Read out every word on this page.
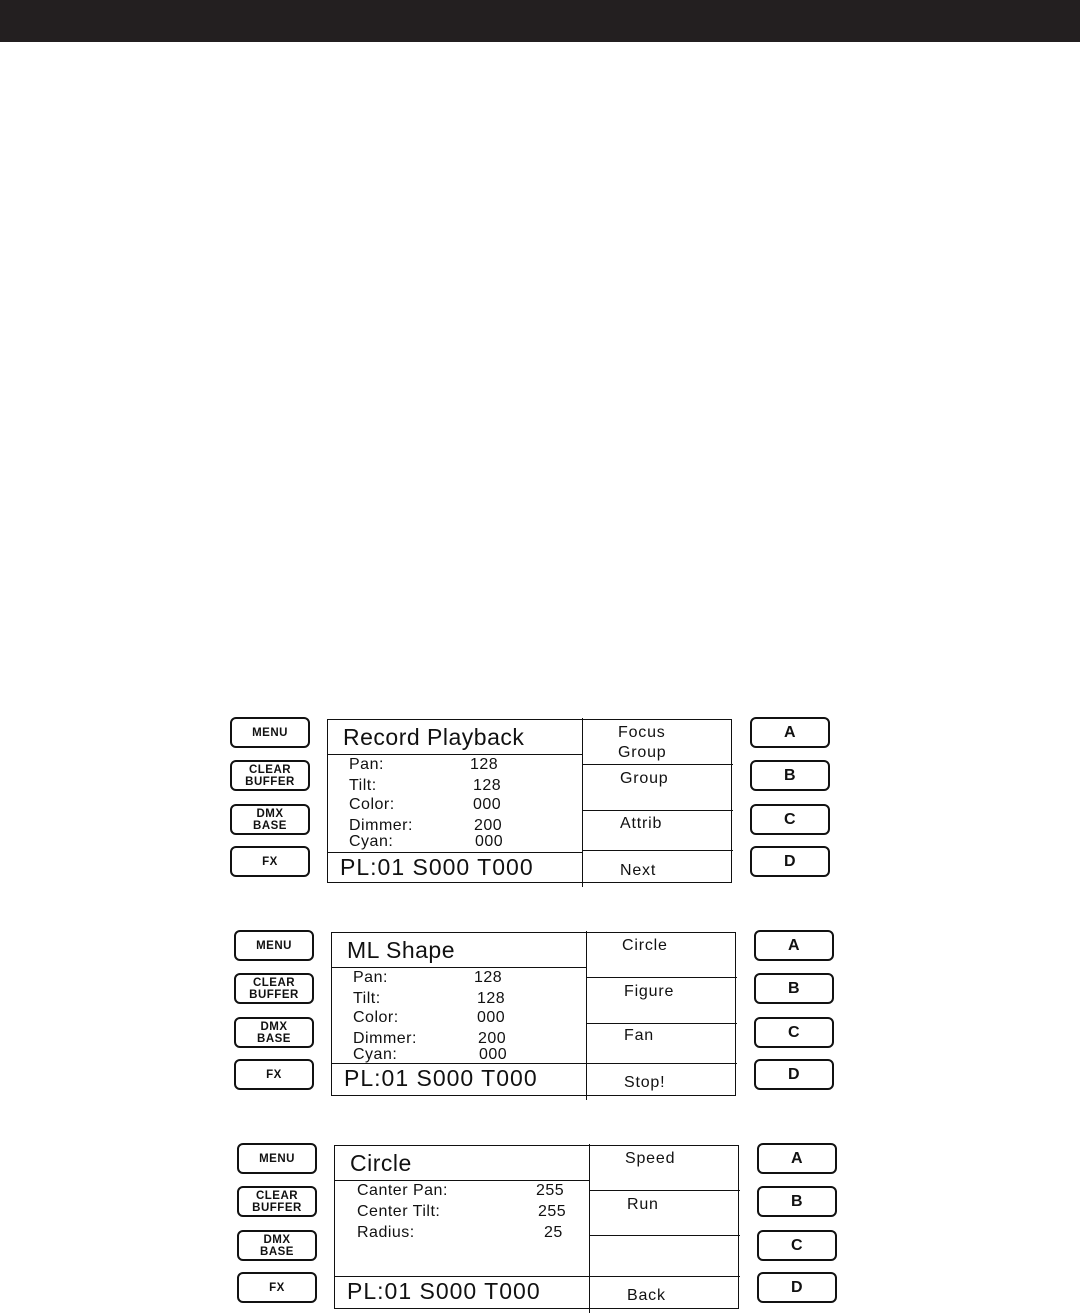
MENU
CLEAR
BUFFER
DMX
BASE
FX
Record Playback
Pan:	128
Tilt:	128
Color:	000
Dimmer:	200
Cyan:	000
PL:01 S000 T000
Focus
Group
Group
Attrib
Next
A
B
C
D
MENU
CLEAR
BUFFER
DMX
BASE
FX
ML Shape
Pan:	128
Tilt:	128
Color:	000
Dimmer:	200
Cyan:	000
PL:01 S000 T000
Circle
Figure
Fan
Stop!
A
B
C
D
MENU
CLEAR
BUFFER
DMX
BASE
FX
Circle
Canter Pan:	255
Center Tilt:	255
Radius:	25
PL:01 S000 T000
Speed
Run
Back
A
B
C
D
